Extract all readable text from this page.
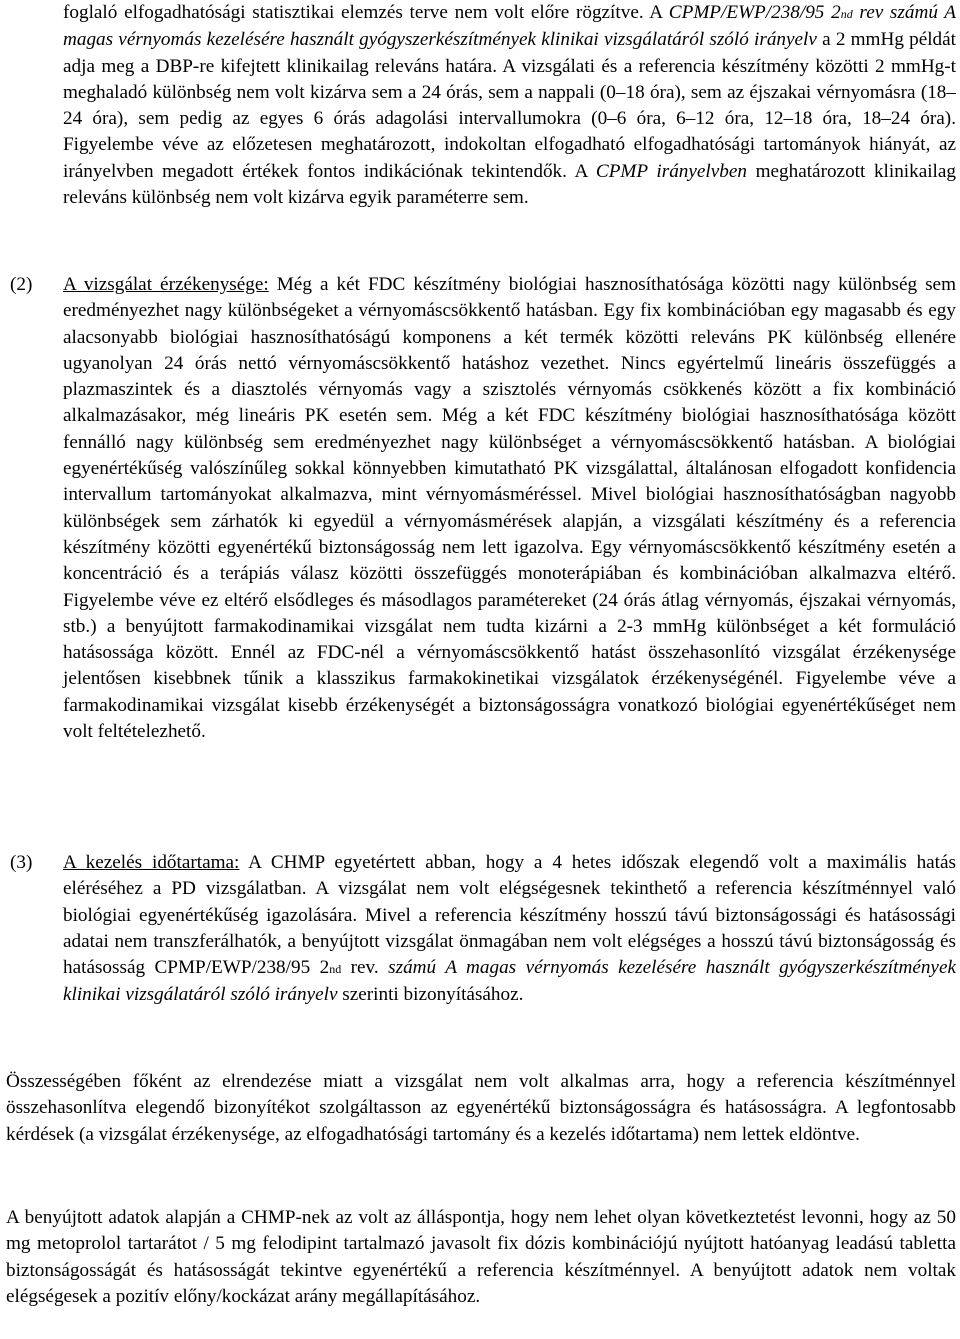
foglaló elfogadhatósági statisztikai elemzés terve nem volt előre rögzítve. A CPMP/EWP/238/95 2nd rev számú A magas vérnyomás kezelésére használt gyógyszerkészítmények klinikai vizsgálatáról szóló irányelv a 2 mmHg példát adja meg a DBP-re kifejtett klinikailag releváns határa. A vizsgálati és a referencia készítmény közötti 2 mmHg-t meghaladó különbség nem volt kizárva sem a 24 órás, sem a nappali (0–18 óra), sem az éjszakai vérnyomásra (18–24 óra), sem pedig az egyes 6 órás adagolási intervallumokra (0–6 óra, 6–12 óra, 12–18 óra, 18–24 óra). Figyelembe véve az előzetesen meghatározott, indokoltan elfogadható elfogadhatósági tartományok hiányát, az irányelvben megadott értékek fontos indikációnak tekintendők. A CPMP irányelvben meghatározott klinikailag releváns különbség nem volt kizárva egyik paraméterre sem.

(2)	A vizsgálat érzékenysége: Még a két FDC készítmény biológiai hasznosíthatósága közötti nagy különbség sem eredményezhet nagy különbségeket a vérnyomáscsökkentő hatásban. Egy fix kombinációban egy magasabb és egy alacsonyabb biológiai hasznosíthatóságú komponens a két termék közötti releváns PK különbség ellenére ugyanolyan 24 órás nettó vérnyomáscsökkentő hatáshoz vezethet. Nincs egyértelmű lineáris összefüggés a plazmaszintek és a diasztolés vérnyomás vagy a szisztolés vérnyomás csökkenés között a fix kombináció alkalmazásakor, még lineáris PK esetén sem. Még a két FDC készítmény biológiai hasznosíthatósága között fennálló nagy különbség sem eredményezhet nagy különbséget a vérnyomáscsökkentő hatásban. A biológiai egyenértékűség valószínűleg sokkal könnyebben kimutatható PK vizsgálattal, általánosan elfogadott konfidencia intervallum tartományokat alkalmazva, mint vérnyomásméréssel. Mivel biológiai hasznosíthatóságban nagyobb különbségek sem zárhatók ki egyedül a vérnyomásmérések alapján, a vizsgálati készítmény és a referencia készítmény közötti egyenértékű biztonságosság nem lett igazolva. Egy vérnyomáscsökkentő készítmény esetén a koncentráció és a terápiás válasz közötti összefüggés monoterápiában és kombinációban alkalmazva eltérő. Figyelembe véve ez eltérő elsődleges és másodlagos paramétereket (24 órás átlag vérnyomás, éjszakai vérnyomás, stb.) a benyújtott farmakodinamikai vizsgálat nem tudta kizárni a 2-3 mmHg különbséget a két formuláció hatásossága között. Ennél az FDC-nél a vérnyomáscsökkentő hatást összehasonlító vizsgálat érzékenysége jelentősen kisebbnek tűnik a klasszikus farmakokinetikai vizsgálatok érzékenységénél. Figyelembe véve a farmakodinamikai vizsgálat kisebb érzékenységét a biztonságosságra vonatkozó biológiai egyenértékűséget nem volt feltételezhető.

(3)	A kezelés időtartama: A CHMP egyetértett abban, hogy a 4 hetes időszak elegendő volt a maximális hatás eléréséhez a PD vizsgálatban. A vizsgálat nem volt elégségesnek tekinthető a referencia készítménnyel való biológiai egyenértékűség igazolására. Mivel a referencia készítmény hosszú távú biztonságossági és hatásossági adatai nem transzferálhatók, a benyújtott vizsgálat önmagában nem volt elégséges a hosszú távú biztonságosság és hatásosság CPMP/EWP/238/95 2nd rev. számú A magas vérnyomás kezelésére használt gyógyszerkészítmények klinikai vizsgálatáról szóló irányelv szerinti bizonyításához.

Összességében főként az elrendezése miatt a vizsgálat nem volt alkalmas arra, hogy a referencia készítménnyel összehasonlítva elegendő bizonyítékot szolgáltasson az egyenértékű biztonságosságra és hatásosságra. A legfontosabb kérdések (a vizsgálat érzékenysége, az elfogadhatósági tartomány és a kezelés időtartama) nem lettek eldöntve.

A benyújtott adatok alapján a CHMP-nek az volt az álláspontja, hogy nem lehet olyan következtetést levonni, hogy az 50 mg metoprolol tartarátot / 5 mg felodipint tartalmazó javasolt fix dózis kombinációjú nyújtott hatóanyag leadású tabletta biztonságosságát és hatásosságát tekintve egyenértékű a referencia készítménnyel. A benyújtott adatok nem voltak elégségesek a pozitív előny/kockázat arány megállapításához.
